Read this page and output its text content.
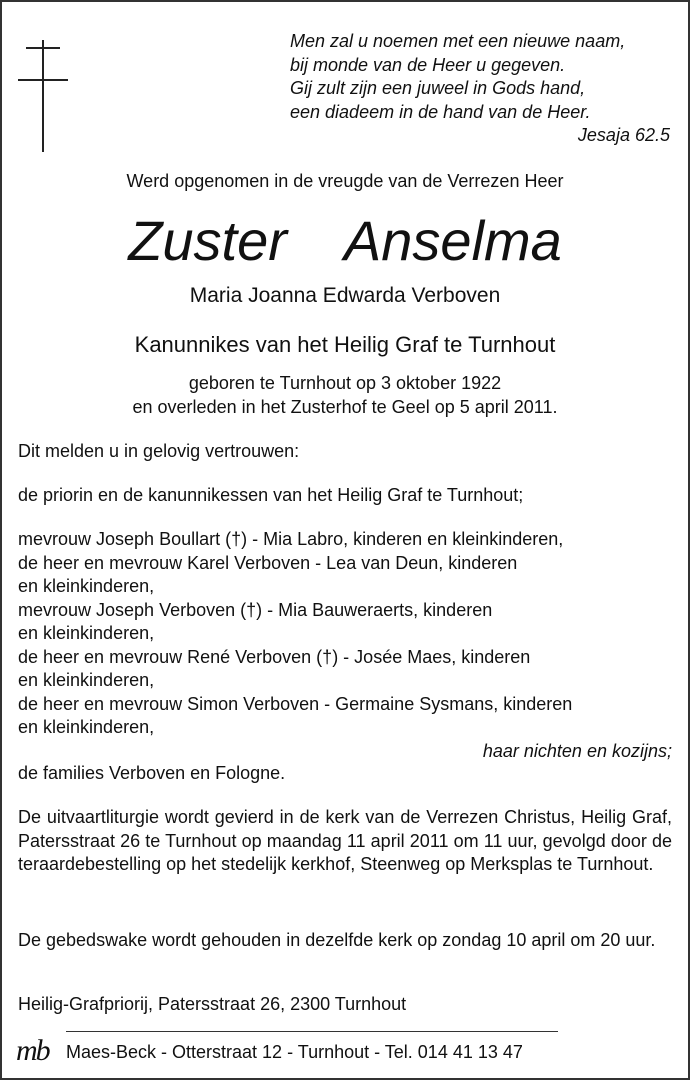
Men zal u noemen met een nieuwe naam,
bij monde van de Heer u gegeven.
Gij zult zijn een juweel in Gods hand,
een diadeem in de hand van de Heer.
Jesaja 62.5
Werd opgenomen in de vreugde van de Verrezen Heer
Zuster  Anselma
Maria Joanna Edwarda Verboven
Kanunnikes van het Heilig Graf te Turnhout
geboren te Turnhout op 3 oktober 1922
en overleden in het Zusterhof te Geel op 5 april 2011.
Dit melden u in gelovig vertrouwen:
de priorin en de kanunnikessen van het Heilig Graf te Turnhout;
mevrouw Joseph Boullart (†) - Mia Labro, kinderen en kleinkinderen,
de heer en mevrouw Karel Verboven - Lea van Deun, kinderen
en kleinkinderen,
mevrouw Joseph Verboven (†) - Mia Bauweraerts, kinderen
en kleinkinderen,
de heer en mevrouw René Verboven (†) - Josée Maes, kinderen
en kleinkinderen,
de heer en mevrouw Simon Verboven - Germaine Sysmans, kinderen
en kleinkinderen,
haar nichten en kozijns;
de families Verboven en Fologne.
De uitvaartliturgie wordt gevierd in de kerk van de Verrezen Christus, Heilig Graf, Patersstraat 26 te Turnhout op maandag 11 april 2011 om 11 uur, gevolgd door de teraardebestelling op het stedelijk kerkhof, Steenweg op Merksplas te Turnhout.
De gebedswake wordt gehouden in dezelfde kerk op zondag 10 april om 20 uur.
Heilig-Grafpriorij, Patersstraat 26, 2300 Turnhout
mb Maes-Beck - Otterstraat 12 - Turnhout - Tel. 014 41 13 47
